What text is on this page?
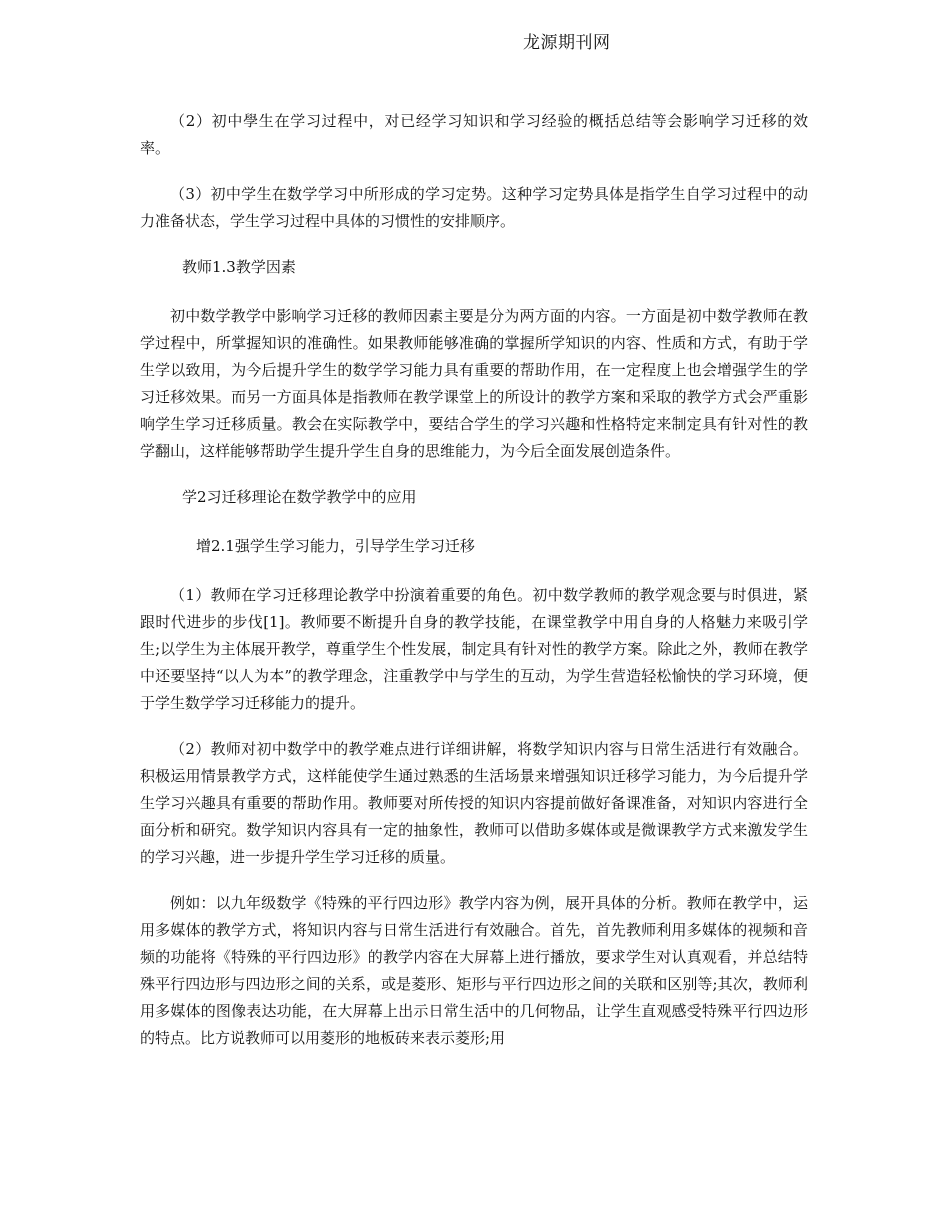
龙源期刊网

（2）初中學生在学习过程中，对已经学习知识和学习经验的概括总结等会影响学习迁移的效率。

（3）初中学生在数学学习中所形成的学习定势。这种学习定势具体是指学生自学习过程中的动力准备状态，学生学习过程中具体的习惯性的安排顺序。

教师1.3教学因素

初中数学教学中影响学习迁移的教师因素主要是分为两方面的内容。一方面是初中数学教师在教学过程中，所掌握知识的准确性。如果教师能够准确的掌握所学知识的内容、性质和方式，有助于学生学以致用，为今后提升学生的数学学习能力具有重要的帮助作用，在一定程度上也会增强学生的学习迁移效果。而另一方面具体是指教师在教学课堂上的所设计的教学方案和采取的教学方式会严重影响学生学习迁移质量。教会在实际教学中，要结合学生的学习兴趣和性格特定来制定具有针对性的教学翻山，这样能够帮助学生提升学生自身的思维能力，为今后全面发展创造条件。

学2习迁移理论在数学教学中的应用
增2.1强学生学习能力，引导学生学习迁移

（1）教师在学习迁移理论教学中扮演着重要的角色。初中数学教师的教学观念要与时俱进，紧跟时代进步的步伐[1]。教师要不断提升自身的教学技能，在课堂教学中用自身的人格魅力来吸引学生;以学生为主体展开教学，尊重学生个性发展，制定具有针对性的教学方案。除此之外，教师在教学中还要坚持“以人为本”的教学理念，注重教学中与学生的互动，为学生营造轻松愉快的学习环境，便于学生数学学习迁移能力的提升。

（2）教师对初中数学中的教学难点进行详细讲解，将数学知识内容与日常生活进行有效融合。积极运用情景教学方式，这样能使学生通过熟悉的生活场景来增强知识迁移学习能力，为今后提升学生学习兴趣具有重要的帮助作用。教师要对所传授的知识内容提前做好备课准备，对知识内容进行全面分析和研究。数学知识内容具有一定的抽象性，教师可以借助多媒体或是微课教学方式来激发学生的学习兴趣，进一步提升学生学习迁移的质量。

例如：以九年级数学《特殊的平行四边形》教学内容为例，展开具体的分析。教师在教学中，运用多媒体的教学方式，将知识内容与日常生活进行有效融合。首先，首先教师利用多媒体的视频和音频的功能将《特殊的平行四边形》的教学内容在大屏幕上进行播放，要求学生对认真观看，并总结特殊平行四边形与四边形之间的关系，或是菱形、矩形与平行四边形之间的关联和区别等;其次，教师利用多媒体的图像表达功能，在大屏幕上出示日常生活中的几何物品，让学生直观感受特殊平行四边形的特点。比方说教师可以用菱形的地板砖来表示菱形;用
